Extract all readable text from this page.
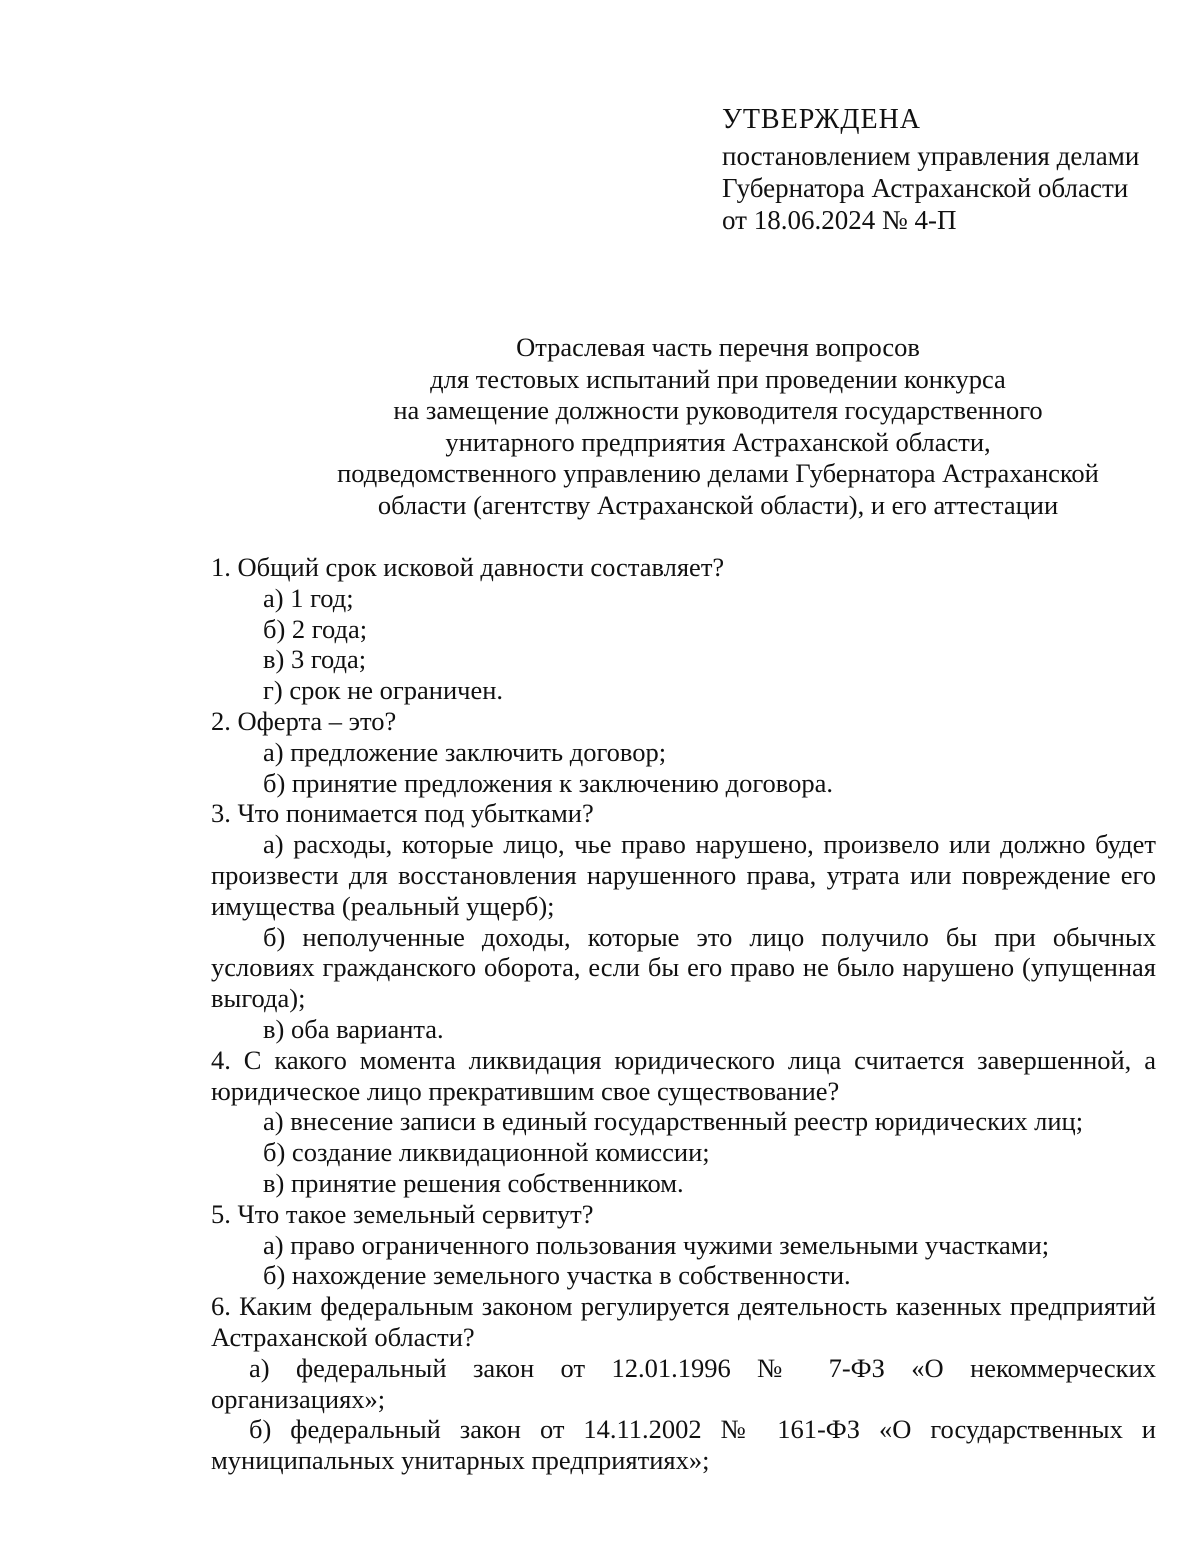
УТВЕРЖДЕНА
постановлением управления делами
Губернатора Астраханской области
от 18.06.2024 № 4-П
Отраслевая часть перечня вопросов
для тестовых испытаний при проведении конкурса
на замещение должности руководителя государственного
унитарного предприятия Астраханской области,
подведомственного управлению делами Губернатора Астраханской
области (агентству Астраханской области), и его аттестации
1. Общий срок исковой давности составляет?
а) 1 год;
б) 2 года;
в) 3 года;
г) срок не ограничен.
2. Оферта – это?
а) предложение заключить договор;
б) принятие предложения к заключению договора.
3. Что понимается под убытками?
а) расходы, которые лицо, чье право нарушено, произвело или должно будет произвести для восстановления нарушенного права, утрата или повреждение его имущества (реальный ущерб);
б) неполученные доходы, которые это лицо получило бы при обычных условиях гражданского оборота, если бы его право не было нарушено (упущенная выгода);
в) оба варианта.
4. С какого момента ликвидация юридического лица считается завершенной, а юридическое лицо прекратившим свое существование?
а) внесение записи в единый государственный реестр юридических лиц;
б) создание ликвидационной комиссии;
в) принятие решения собственником.
5. Что такое земельный сервитут?
а) право ограниченного пользования чужими земельными участками;
б) нахождение земельного участка в собственности.
6. Каким федеральным законом регулируется деятельность казенных предприятий Астраханской области?
а) федеральный закон от 12.01.1996 № 7-ФЗ «О некоммерческих организациях»;
б) федеральный закон от 14.11.2002 № 161-ФЗ «О государственных и муниципальных унитарных предприятиях»;
